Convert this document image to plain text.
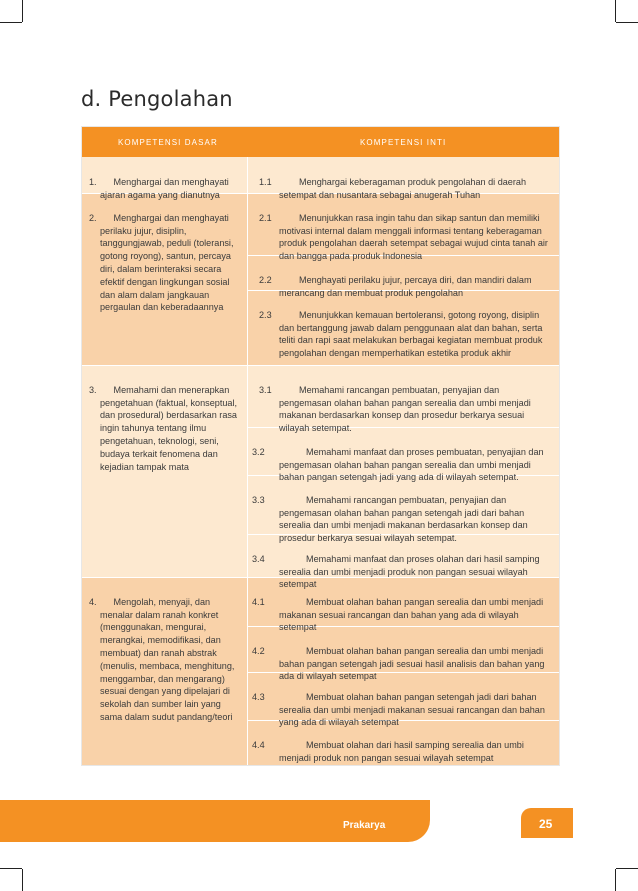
d. Pengolahan
KOMPETENSI DASAR	KOMPETENSI INTI

1. Menghargai dan menghayati ajaran agama yang dianutnya

1.1	Menghargai keberagaman produk pengolahan di daerah setempat dan nusantara sebagai anugerah Tuhan

2. Menghargai dan menghayati perilaku jujur, disiplin, tanggungjawab, peduli (toleransi, gotong royong), santun, percaya diri, dalam berinteraksi secara efektif dengan lingkungan sosial dan alam dalam jangkauan pergaulan dan keberadaannya

2.1	Menunjukkan rasa ingin tahu dan sikap santun dan memiliki motivasi internal dalam menggali informasi tentang keberagaman produk pengolahan daerah setempat sebagai wujud cinta tanah air dan bangga pada produk Indonesia

2.2	Menghayati perilaku jujur, percaya diri, dan mandiri dalam merancang dan membuat produk pengolahan

2.3	Menunjukkan kemauan bertoleransi, gotong royong, disiplin dan bertanggung jawab dalam penggunaan alat dan bahan, serta teliti dan rapi saat melakukan berbagai kegiatan membuat produk pengolahan dengan memperhatikan estetika produk akhir

3. Memahami dan menerapkan pengetahuan (faktual, konseptual, dan prosedural) berdasarkan rasa ingin tahunya tentang ilmu pengetahuan, teknologi, seni, budaya terkait fenomena dan kejadian tampak mata

3.1	Memahami rancangan pembuatan, penyajian dan pengemasan olahan bahan pangan serealia dan umbi menjadi makanan berdasarkan konsep dan prosedur berkarya sesuai wilayah setempat.

3.2	Memahami manfaat dan proses pembuatan, penyajian dan pengemasan olahan bahan pangan serealia dan umbi menjadi bahan pangan setengah jadi yang ada di wilayah setempat.

3.3	Memahami rancangan pembuatan, penyajian dan pengemasan olahan bahan pangan setengah jadi dari bahan serealia dan umbi menjadi makanan berdasarkan konsep dan prosedur berkarya sesuai wilayah setempat.

3.4	Memahami manfaat dan proses olahan dari hasil samping serealia dan umbi menjadi produk non pangan sesuai wilayah setempat

4. Mengolah, menyaji, dan menalar dalam ranah konkret (menggunakan, mengurai, merangkai, memodifikasi, dan membuat) dan ranah abstrak (menulis, membaca, menghitung, menggambar, dan mengarang) sesuai dengan yang dipelajari di sekolah dan sumber lain yang sama dalam sudut pandang/teori

4.1	Membuat olahan bahan pangan serealia dan umbi menjadi makanan sesuai rancangan dan bahan yang ada di wilayah setempat

4.2	Membuat olahan bahan pangan serealia dan umbi menjadi bahan pangan setengah jadi sesuai hasil analisis dan bahan yang ada di wilayah setempat

4.3	Membuat olahan bahan pangan setengah jadi dari bahan serealia dan umbi menjadi makanan sesuai rancangan dan bahan yang ada di wilayah setempat

4.4	Membuat olahan dari hasil samping serealia dan umbi menjadi produk non pangan sesuai wilayah setempat

Prakarya	25
